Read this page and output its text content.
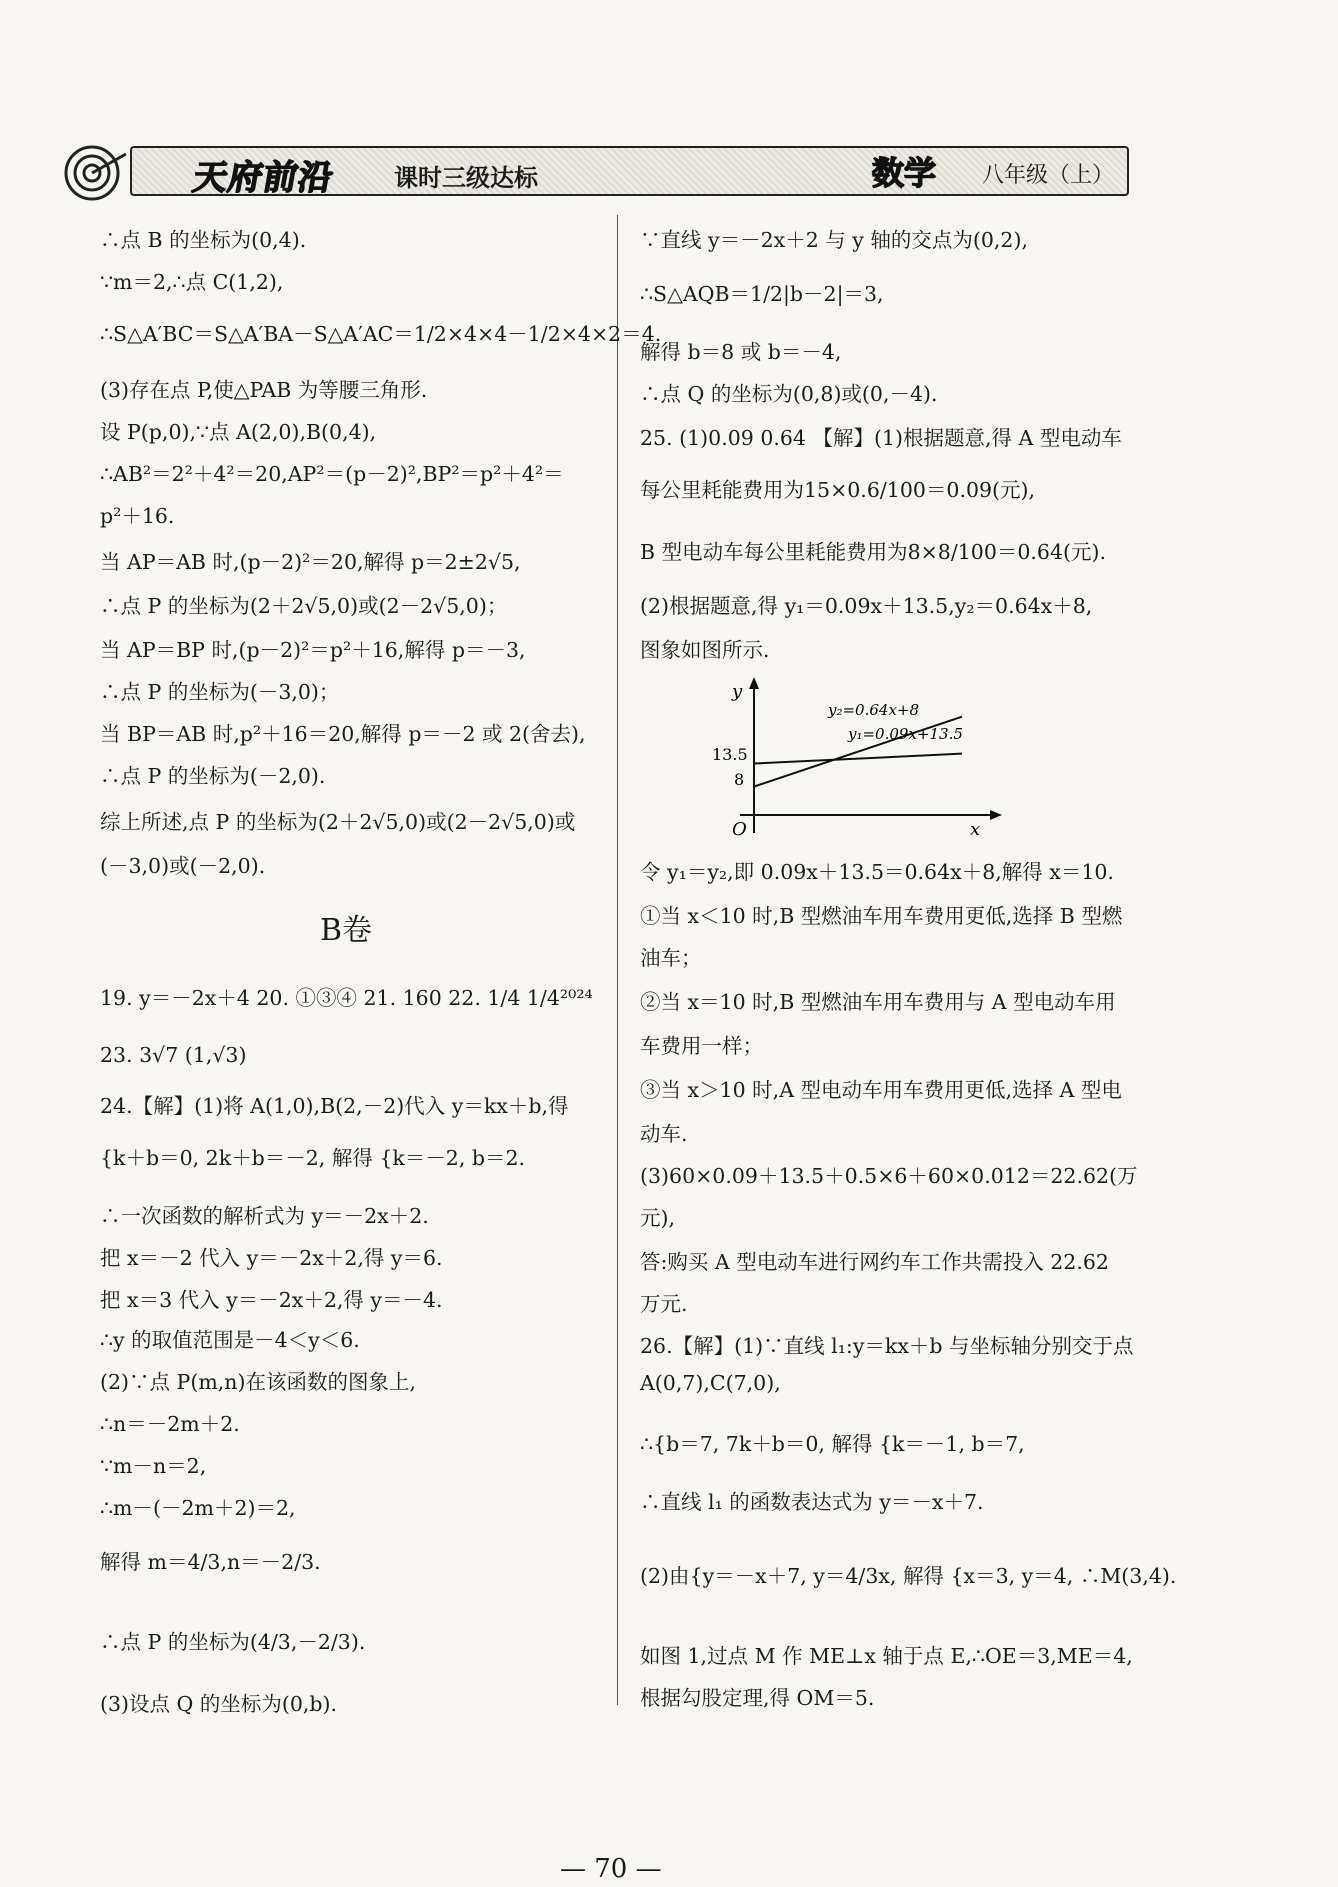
天府前沿 课时三级达标	数学 八年级（上）
∴点 B 的坐标为(0,4).
∵m＝2,∴点 C(1,2),
∴S△A′BC＝S△A′BA－S△A′AC＝1/2×4×4－1/2×4×2＝4.
(3)存在点 P,使△PAB 为等腰三角形.
设 P(p,0),∵点 A(2,0),B(0,4),
∴AB²＝2²＋4²＝20,AP²＝(p－2)²,BP²＝p²＋4²＝
p²＋16.
当 AP＝AB 时,(p－2)²＝20,解得 p＝2±2√5,
∴点 P 的坐标为(2＋2√5,0)或(2－2√5,0)；
当 AP＝BP 时,(p－2)²＝p²＋16,解得 p＝－3,
∴点 P 的坐标为(－3,0)；
当 BP＝AB 时,p²＋16＝20,解得 p＝－2 或 2(舍去),
∴点 P 的坐标为(－2,0).
综上所述,点 P 的坐标为(2＋2√5,0)或(2－2√5,0)或
(－3,0)或(－2,0).
B卷
19. y＝－2x＋4 20. ①③④ 21. 160 22. 1/4 1/4²⁰²⁴
23. 3√7 (1,√3)
24.【解】(1)将 A(1,0),B(2,－2)代入 y＝kx＋b,得
{k＋b＝0, 2k＋b＝－2, 解得 {k＝－2, b＝2.
∴一次函数的解析式为 y＝－2x＋2.
把 x＝－2 代入 y＝－2x＋2,得 y＝6.
把 x＝3 代入 y＝－2x＋2,得 y＝－4.
∴y 的取值范围是－4＜y＜6.
(2)∵点 P(m,n)在该函数的图象上,
∴n＝－2m＋2.
∵m－n＝2,
∴m－(－2m＋2)＝2,
解得 m＝4/3,n＝－2/3.
∴点 P 的坐标为(4/3,－2/3).
(3)设点 Q 的坐标为(0,b).
∵直线 y＝－2x＋2 与 y 轴的交点为(0,2),
∴S△AQB＝1/2|b－2|＝3,
解得 b＝8 或 b＝－4,
∴点 Q 的坐标为(0,8)或(0,－4).
25. (1)0.09 0.64 【解】(1)根据题意,得 A 型电动车
每公里耗能费用为15×0.6/100＝0.09(元),
B 型电动车每公里耗能费用为8×8/100＝0.64(元).
(2)根据题意,得 y₁＝0.09x＋13.5,y₂＝0.64x＋8,
图象如图所示.
y
x
O
13.5
8
y₂=0.64x+8
y₁=0.09x+13.5
令 y₁＝y₂,即 0.09x＋13.5＝0.64x＋8,解得 x＝10.
①当 x＜10 时,B 型燃油车用车费用更低,选择 B 型燃
油车；
②当 x＝10 时,B 型燃油车用车费用与 A 型电动车用
车费用一样；
③当 x＞10 时,A 型电动车用车费用更低,选择 A 型电
动车.
(3)60×0.09＋13.5＋0.5×6＋60×0.012＝22.62(万
元),
答:购买 A 型电动车进行网约车工作共需投入 22.62
万元.
26.【解】(1)∵直线 l₁:y＝kx＋b 与坐标轴分别交于点
A(0,7),C(7,0),
∴{b＝7, 7k＋b＝0, 解得 {k＝－1, b＝7,
∴直线 l₁ 的函数表达式为 y＝－x＋7.
(2)由{y＝－x＋7, y＝4/3x, 解得 {x＝3, y＝4, ∴M(3,4).
如图 1,过点 M 作 ME⊥x 轴于点 E,∴OE＝3,ME＝4,
根据勾股定理,得 OM＝5.
— 70 —
